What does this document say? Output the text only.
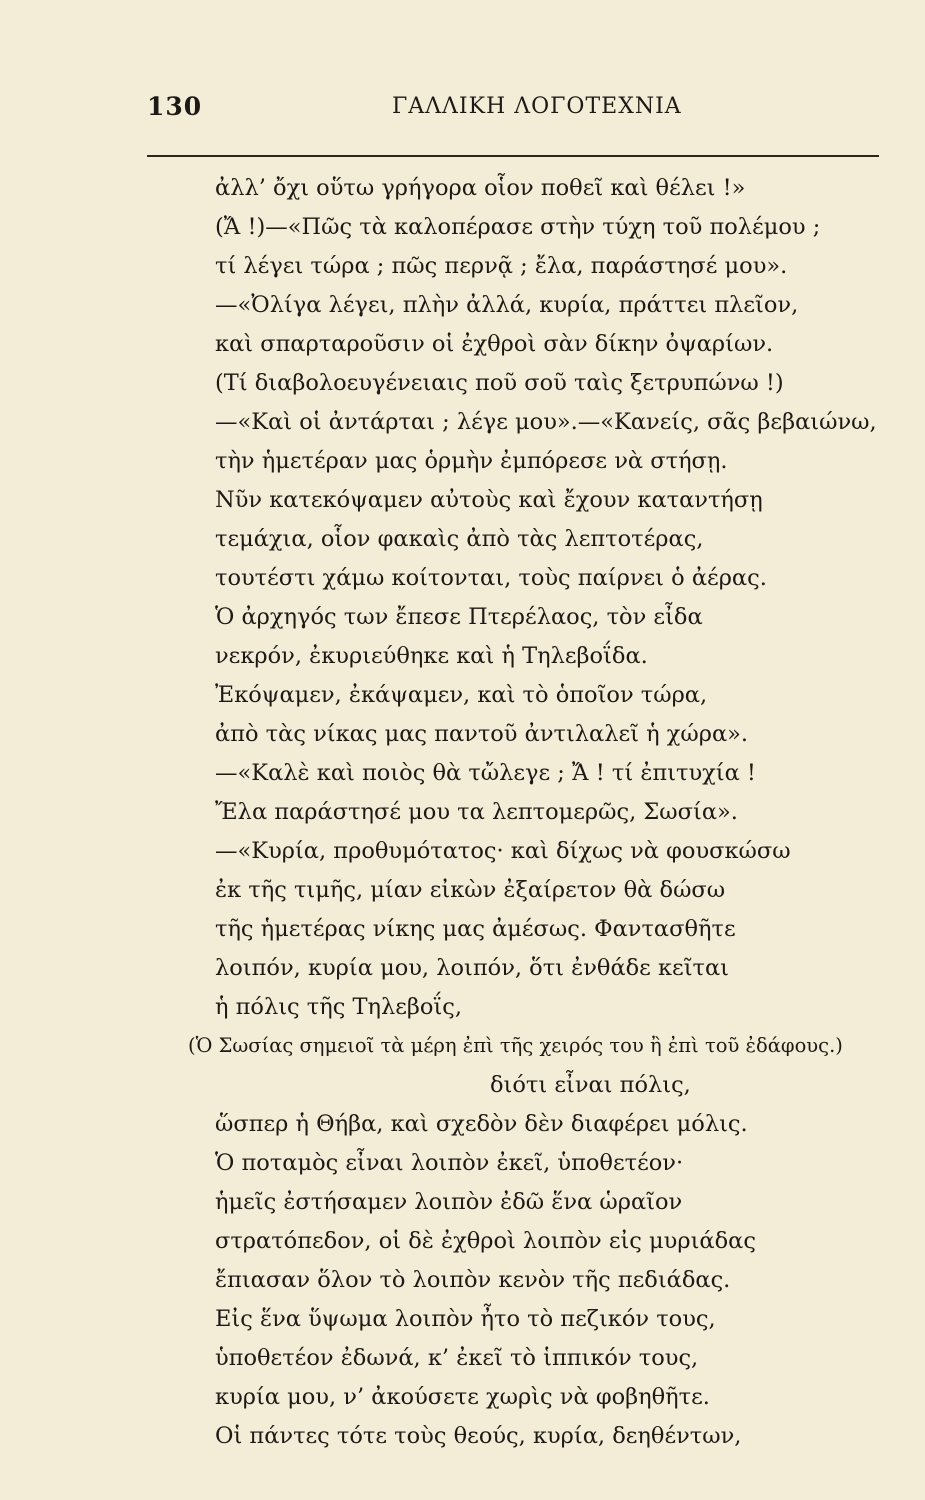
130	ΓΑΛΛΙΚΗ ΛΟΓΟΤΕΧΝΙΑ
ἀλλ’ ὄχι οὕτω γρήγορα οἷον ποθεῖ καὶ θέλει !»
(Ἄ !)—«Πῶς τὰ καλοπέρασε στὴν τύχη τοῦ πολέμου ;
τί λέγει τώρα ; πῶς περνᾷ ; ἔλα, παράστησέ μου».
—«Ὀλίγα λέγει, πλὴν ἀλλά, κυρία, πράττει πλεῖον,
καὶ σπαρταροῦσιν οἱ ἐχθροὶ σὰν δίκην ὀψαρίων.
(Τί διαβολοευγένειαις ποῦ σοῦ ταὶς ξετρυπώνω !)
—«Καὶ οἱ ἀντάρται ; λέγε μου».—«Κανείς, σᾶς βεβαιώνω,
τὴν ἡμετέραν μας ὁρμὴν ἐμπόρεσε νὰ στήσῃ.
Νῦν κατεκόψαμεν αὐτοὺς καὶ ἔχουν καταντήσῃ
τεμάχια, οἷον φακαὶς ἀπὸ τὰς λεπτοτέρας,
τουτέστι χάμω κοίτονται, τοὺς παίρνει ὁ ἀέρας.
Ὁ ἀρχηγός των ἔπεσε Πτερέλαος, τὸν εἶδα
νεκρόν, ἐκυριεύθηκε καὶ ἡ Τηλεβοΐδα.
Ἐκόψαμεν, ἐκάψαμεν, καὶ τὸ ὁποῖον τώρα,
ἀπὸ τὰς νίκας μας παντοῦ ἀντιλαλεῖ ἡ χώρα».
—«Καλὲ καὶ ποιὸς θὰ τὤλεγε ; Ἄ ! τί ἐπιτυχία !
Ἔλα παράστησέ μου τα λεπτομερῶς, Σωσία».
—«Κυρία, προθυμότατος· καὶ δίχως νὰ φουσκώσω
ἐκ τῆς τιμῆς, μίαν εἰκὼν ἐξαίρετον θὰ δώσω
τῆς ἡμετέρας νίκης μας ἀμέσως. Φαντασθῆτε
λοιπόν, κυρία μου, λοιπόν, ὅτι ἐνθάδε κεῖται
ἡ πόλις τῆς Τηλεβοΐς,
(Ὁ Σωσίας σημειοῖ τὰ μέρη ἐπὶ τῆς χειρός του ἢ ἐπὶ τοῦ ἐδάφους.)
διότι εἶναι πόλις,
ὥσπερ ἡ Θήβα, καὶ σχεδὸν δὲν διαφέρει μόλις.
Ὁ ποταμὸς εἶναι λοιπὸν ἐκεῖ, ὑποθετέον·
ἡμεῖς ἐστήσαμεν λοιπὸν ἐδῶ ἕνα ὡραῖον
στρατόπεδον, οἱ δὲ ἐχθροὶ λοιπὸν εἰς μυριάδας
ἔπιασαν ὅλον τὸ λοιπὸν κενὸν τῆς πεδιάδας.
Εἰς ἕνα ὕψωμα λοιπὸν ἦτο τὸ πεζικόν τους,
ὑποθετέον ἐδωνά, κ’ ἐκεῖ τὸ ἱππικόν τους,
κυρία μου, ν’ ἀκούσετε χωρὶς νὰ φοβηθῆτε.
Οἱ πάντες τότε τοὺς θεούς, κυρία, δεηθέντων,
